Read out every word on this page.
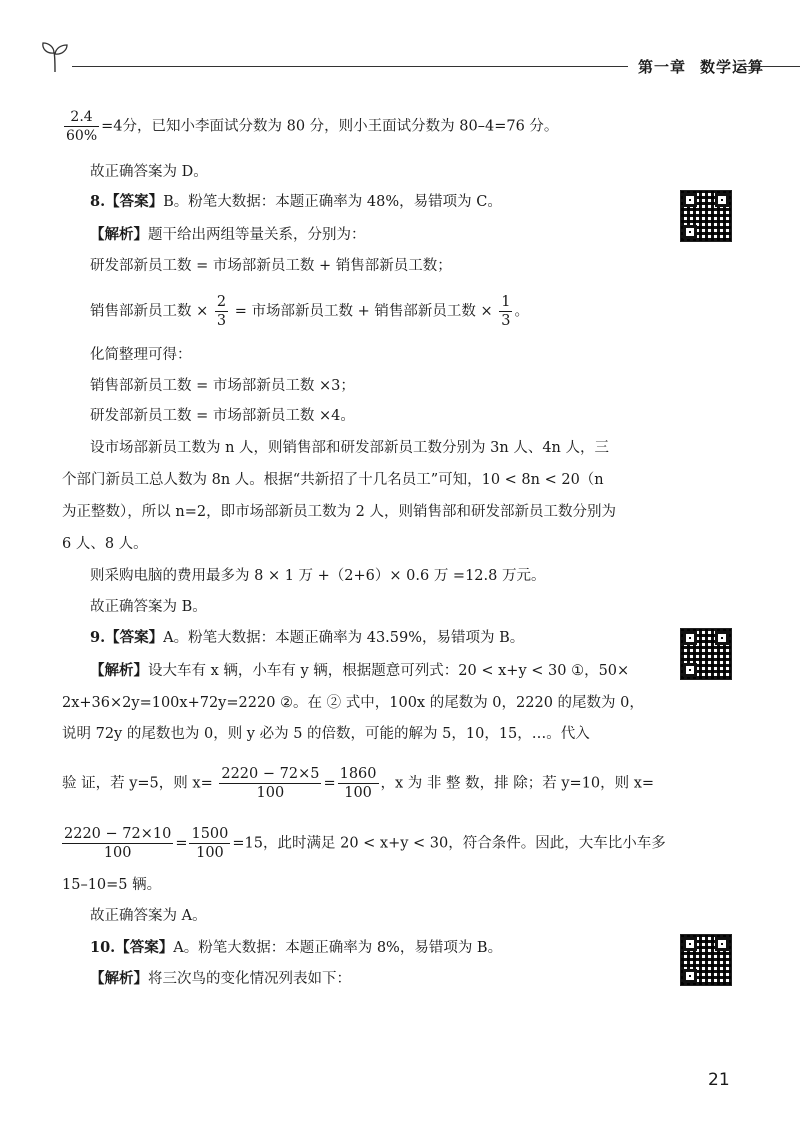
第一章 数学运算
$\frac{2.4}{60\%} =4$分，已知小李面试分数为 80 分，则小王面试分数为 80–4=76 分。
故正确答案为 D。
8.【答案】B。粉笔大数据：本题正确率为 48%，易错项为 C。
【解析】题干给出两组等量关系，分别为：
研发部新员工数 = 市场部新员工数 + 销售部新员工数；
销售部新员工数 × $\frac{2}{3}$ = 市场部新员工数 + 销售部新员工数 × $\frac{1}{3}$ 。
化简整理可得：
销售部新员工数 = 市场部新员工数 ×3；
研发部新员工数 = 市场部新员工数 ×4。
设市场部新员工数为 n 人，则销售部和研发部新员工数分别为 3n 人、4n 人，三
个部门新员工总人数为 8n 人。根据“共新招了十几名员工”可知，10 < 8n < 20（n
为正整数），所以 n=2，即市场部新员工数为 2 人，则销售部和研发部新员工数分别为
6 人、8 人。
则采购电脑的费用最多为 8 × 1 万 +（2+6）× 0.6 万 =12.8 万元。
故正确答案为 B。
9.【答案】A。粉笔大数据：本题正确率为 43.59%，易错项为 B。
【解析】设大车有 x 辆，小车有 y 辆，根据题意可列式：20 < x+y < 30 ①，50×
2x+36×2y=100x+72y=2220 ②。在 ② 式中，100x 的尾数为 0，2220 的尾数为 0，
说明 72y 的尾数也为 0，则 y 必为 5 的倍数，可能的解为 5，10，15，…。代入
验 证，若 y=5，则 $x= \frac{2220 - 72\times 5}{100} = \frac{1860}{100}$ ，x 为 非 整 数，排 除；若 y=10，则 x=
$\frac{2220 - 72\times 10}{100} = \frac{1500}{100} =15$，此时满足 20 < x+y < 30，符合条件。因此，大车比小车多
15–10=5 辆。
故正确答案为 A。
10.【答案】A。粉笔大数据：本题正确率为 8%，易错项为 B。
【解析】将三次鸟的变化情况列表如下：
21
